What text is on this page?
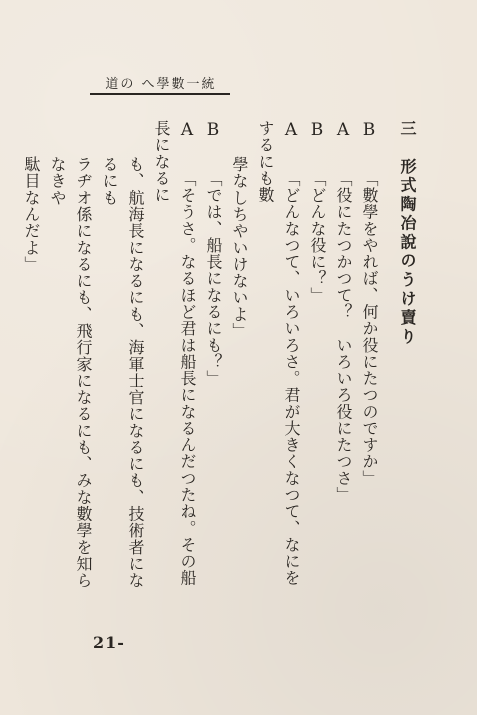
道の へ學數一統
三　形式陶冶說のうけ賣り
B 「數學をやれば、何か役にたつのですか」
A 「役にたつかつて？　いろいろ役にたつさ」
B 「どんな役に？」
A 「どんなつて、いろいろさ。君が大きくなつて、なにをするにも數
學なしちやいけないよ」
B 「では、船長になるにも？」
A 「そうさ。なるほど君は船長になるんだつたね。その船長になるに
も、航海長になるにも、海軍士官になるにも、技術者になるにも
ラヂオ係になるにも、飛行家になるにも、みな數學を知らなきや
駄目なんだよ」
21-
